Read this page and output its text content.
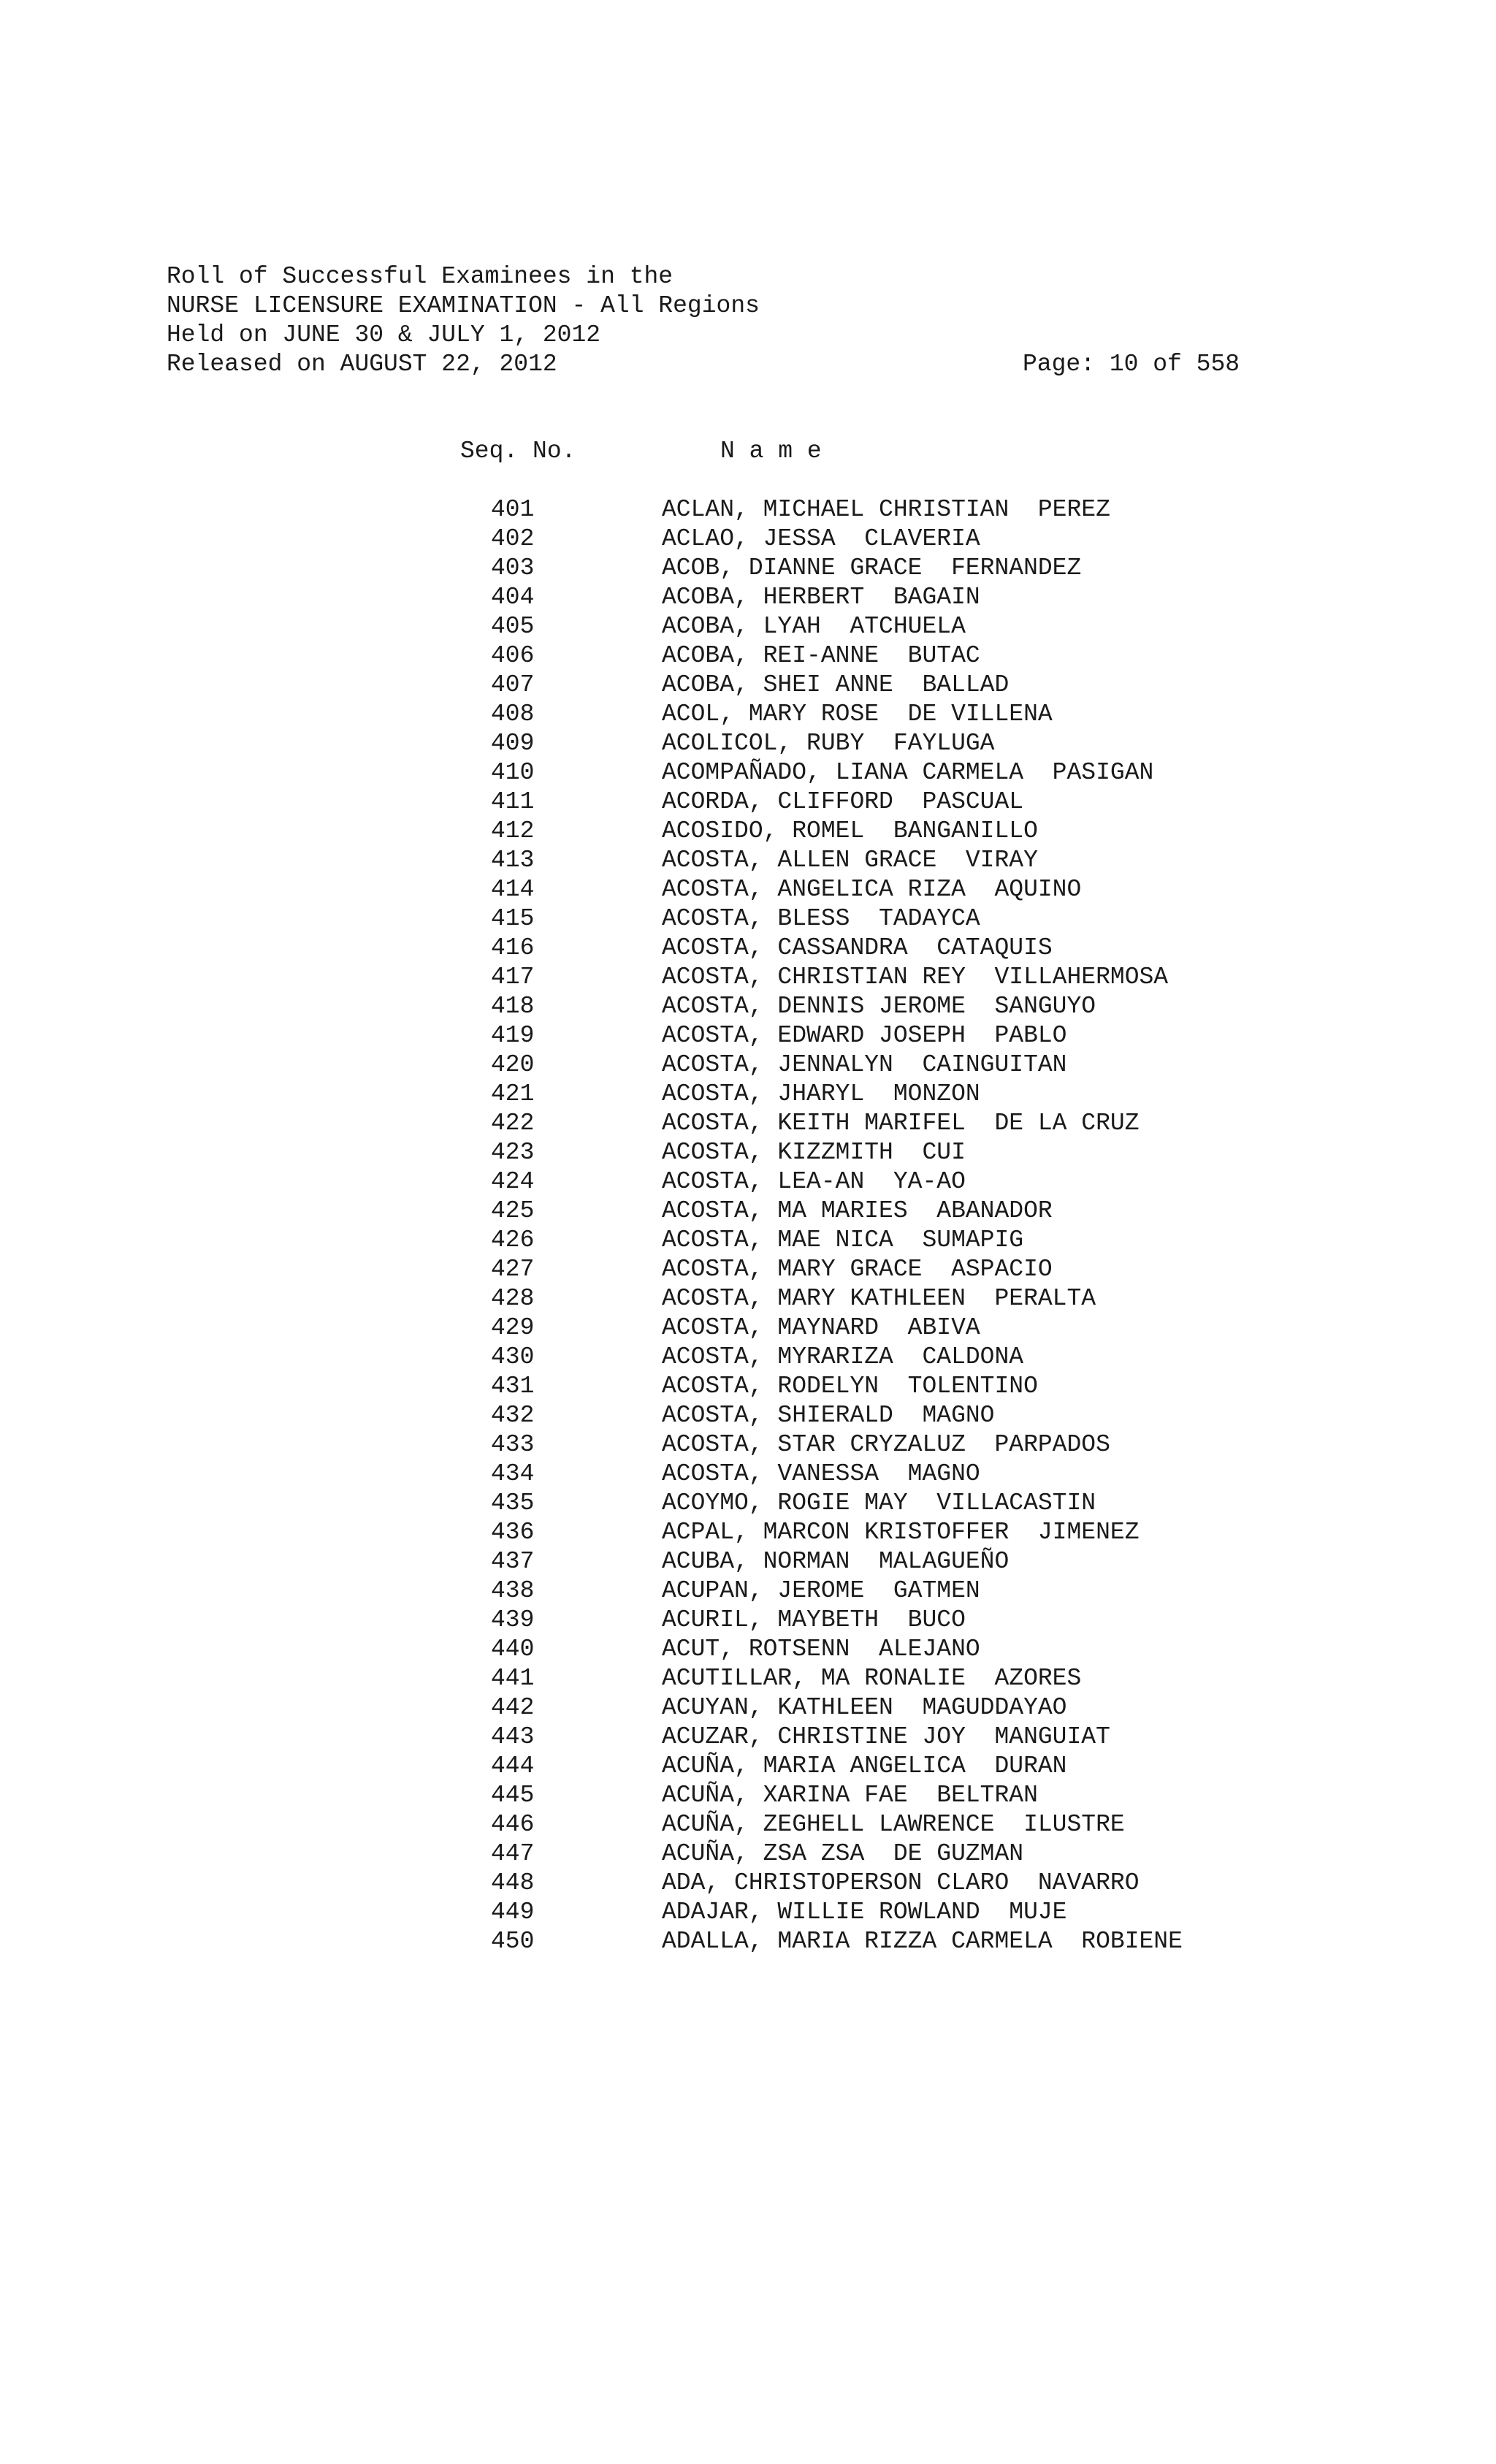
Roll of Successful Examinees in the
NURSE LICENSURE EXAMINATION - All Regions
Held on JUNE 30 & JULY 1, 2012
Released on AUGUST 22, 2012	Page: 10 of 558
Seq. No.	N a m e
401	ACLAN, MICHAEL CHRISTIAN  PEREZ
402	ACLAO, JESSA  CLAVERIA
403	ACOB, DIANNE GRACE  FERNANDEZ
404	ACOBA, HERBERT  BAGAIN
405	ACOBA, LYAH  ATCHUELA
406	ACOBA, REI-ANNE  BUTAC
407	ACOBA, SHEI ANNE  BALLAD
408	ACOL, MARY ROSE  DE VILLENA
409	ACOLICOL, RUBY  FAYLUGA
410	ACOMPAÑADO, LIANA CARMELA  PASIGAN
411	ACORDA, CLIFFORD  PASCUAL
412	ACOSIDO, ROMEL  BANGANILLO
413	ACOSTA, ALLEN GRACE  VIRAY
414	ACOSTA, ANGELICA RIZA  AQUINO
415	ACOSTA, BLESS  TADAYCA
416	ACOSTA, CASSANDRA  CATAQUIS
417	ACOSTA, CHRISTIAN REY  VILLAHERMOSA
418	ACOSTA, DENNIS JEROME  SANGUYO
419	ACOSTA, EDWARD JOSEPH  PABLO
420	ACOSTA, JENNALYN  CAINGUITAN
421	ACOSTA, JHARYL  MONZON
422	ACOSTA, KEITH MARIFEL  DE LA CRUZ
423	ACOSTA, KIZZMITH  CUI
424	ACOSTA, LEA-AN  YA-AO
425	ACOSTA, MA MARIES  ABANADOR
426	ACOSTA, MAE NICA  SUMAPIG
427	ACOSTA, MARY GRACE  ASPACIO
428	ACOSTA, MARY KATHLEEN  PERALTA
429	ACOSTA, MAYNARD  ABIVA
430	ACOSTA, MYRARIZA  CALDONA
431	ACOSTA, RODELYN  TOLENTINO
432	ACOSTA, SHIERALD  MAGNO
433	ACOSTA, STAR CRYZALUZ  PARPADOS
434	ACOSTA, VANESSA  MAGNO
435	ACOYMO, ROGIE MAY  VILLACASTIN
436	ACPAL, MARCON KRISTOFFER  JIMENEZ
437	ACUBA, NORMAN  MALAGUEÑO
438	ACUPAN, JEROME  GATMEN
439	ACURIL, MAYBETH  BUCO
440	ACUT, ROTSENN  ALEJANO
441	ACUTILLAR, MA RONALIE  AZORES
442	ACUYAN, KATHLEEN  MAGUDDAYAO
443	ACUZAR, CHRISTINE JOY  MANGUIAT
444	ACUÑA, MARIA ANGELICA  DURAN
445	ACUÑA, XARINA FAE  BELTRAN
446	ACUÑA, ZEGHELL LAWRENCE  ILUSTRE
447	ACUÑA, ZSA ZSA  DE GUZMAN
448	ADA, CHRISTOPERSON CLARO  NAVARRO
449	ADAJAR, WILLIE ROWLAND  MUJE
450	ADALLA, MARIA RIZZA CARMELA  ROBIENE
